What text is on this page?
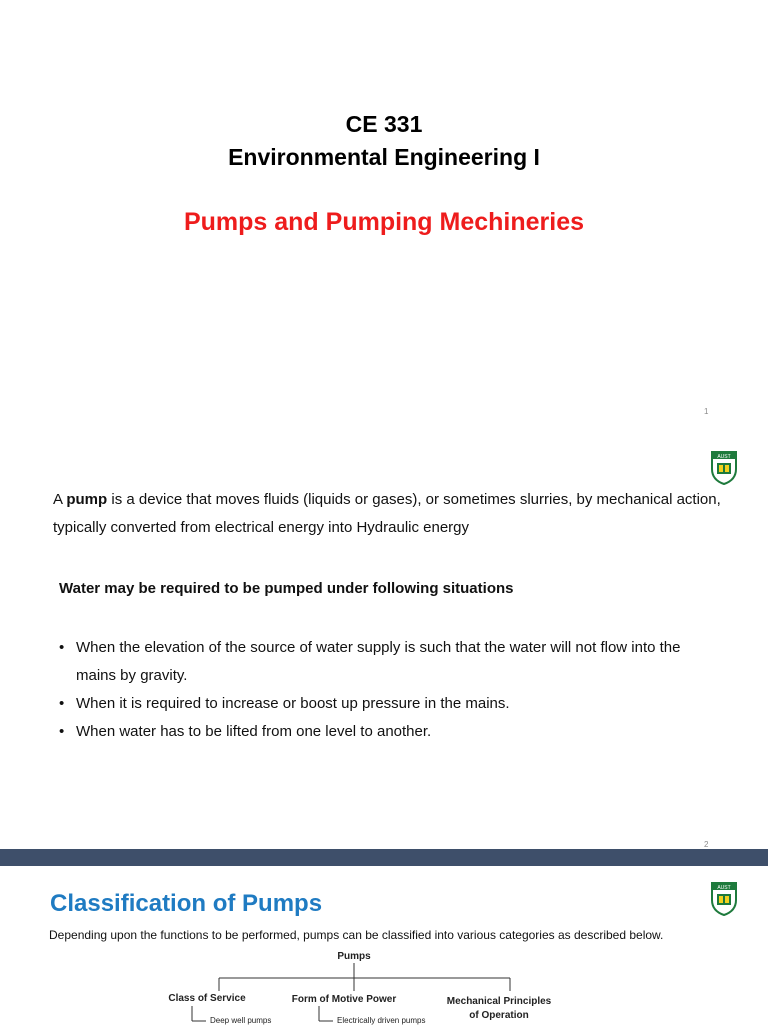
CE 331
Environmental Engineering I
Pumps and Pumping Mechineries
1
AUST
A pump is a device that moves fluids (liquids or gases), or sometimes slurries, by mechanical action, typically converted from electrical energy into Hydraulic energy
Water may be required to be pumped under following situations
• When the elevation of the source of water supply is such that the water will not flow into the mains by gravity.
• When it is required to increase or boost up pressure in the mains.
• When water has to be lifted from one level to another.
2
AUST
Classification of Pumps
Depending upon the functions to be performed, pumps can be classified into various categories as described below.
Pumps
Class of Service	Form of Motive Power	Mechanical Principles
of Operation
Deep well pumps	Electrically driven pumps
